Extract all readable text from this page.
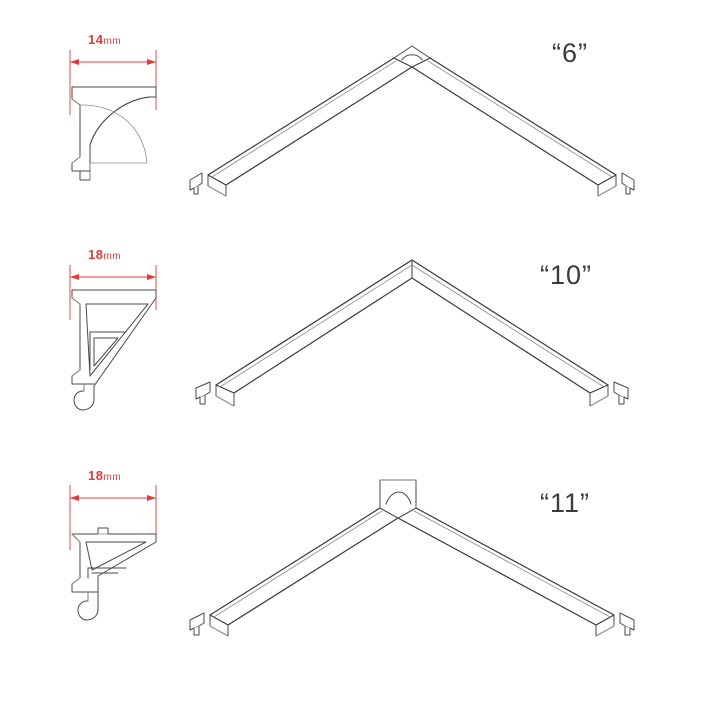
14mm	“6”
18mm
“10”
18mm
“11”
